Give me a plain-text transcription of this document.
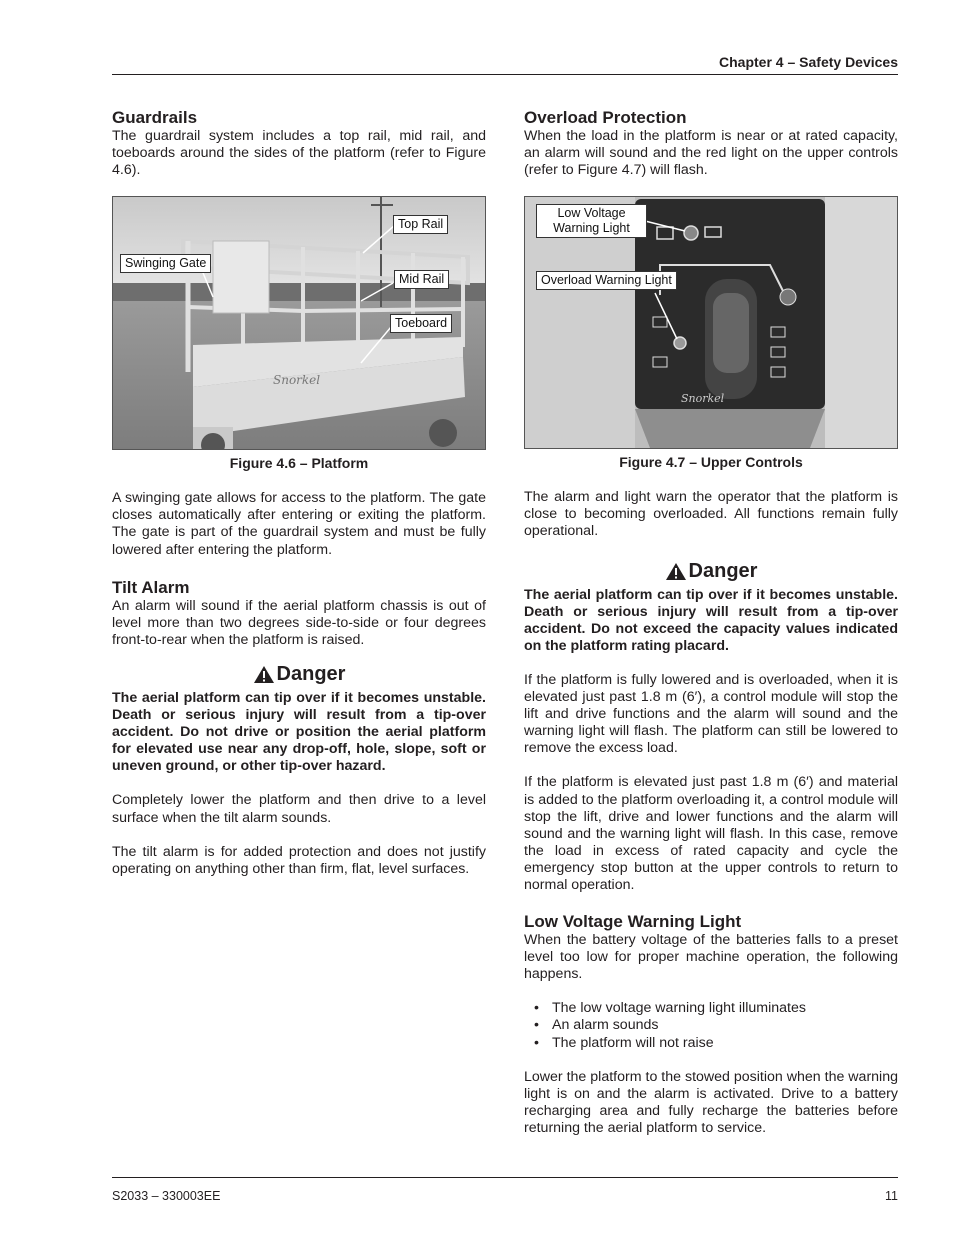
Chapter 4 – Safety Devices
Guardrails

The guardrail system includes a top rail, mid rail, and toeboards around the sides of the platform (refer to Figure 4.6).

Snorkel
Top Rail
Swinging Gate
Mid Rail
Toeboard
Figure 4.6 – Platform

A swinging gate allows for access to the platform. The gate closes automatically after entering or exiting the platform. The gate is part of the guardrail system and must be fully lowered after entering the platform.

Tilt Alarm

An alarm will sound if the aerial platform chassis is out of level more than two degrees side-to-side or four degrees front-to-rear when the platform is raised.

Danger

The aerial platform can tip over if it becomes unstable. Death or serious injury will result from a tip-over accident. Do not drive or position the aerial platform for elevated use near any drop-off, hole, slope, soft or uneven ground, or other tip-over hazard.

Completely lower the platform and then drive to a level surface when the tilt alarm sounds.

The tilt alarm is for added protection and does not justify operating on anything other than firm, flat, level surfaces.

Overload Protection

When the load in the platform is near or at rated capacity, an alarm will sound and the red light on the upper controls (refer to Figure 4.7) will flash.

Snorkel
Low Voltage Warning Light
Overload Warning Light
Figure 4.7 – Upper Controls

The alarm and light warn the operator that the platform is close to becoming overloaded. All functions remain fully operational.

Danger

The aerial platform can tip over if it becomes unstable. Death or serious injury will result from a tip-over accident. Do not exceed the capacity values indicated on the platform rating placard.

If the platform is fully lowered and is overloaded, when it is elevated just past 1.8 m (6′), a control module will stop the lift and drive functions and the alarm will sound and the warning light will flash. The platform can still be lowered to remove the excess load.

If the platform is elevated just past 1.8 m (6′) and material is added to the platform overloading it, a control module will stop the lift, drive and lower functions and the alarm will sound and the warning light will flash. In this case, remove the load in excess of rated capacity and cycle the emergency stop button at the upper controls to return to normal operation.

Low Voltage Warning Light

When the battery voltage of the batteries falls to a preset level too low for proper machine operation, the following happens.

• The low voltage warning light illuminates
• An alarm sounds
• The platform will not raise

Lower the platform to the stowed position when the warning light is on and the alarm is activated. Drive to a battery recharging area and fully recharge the batteries before returning the aerial platform to service.

S2033 – 330003EE	11
